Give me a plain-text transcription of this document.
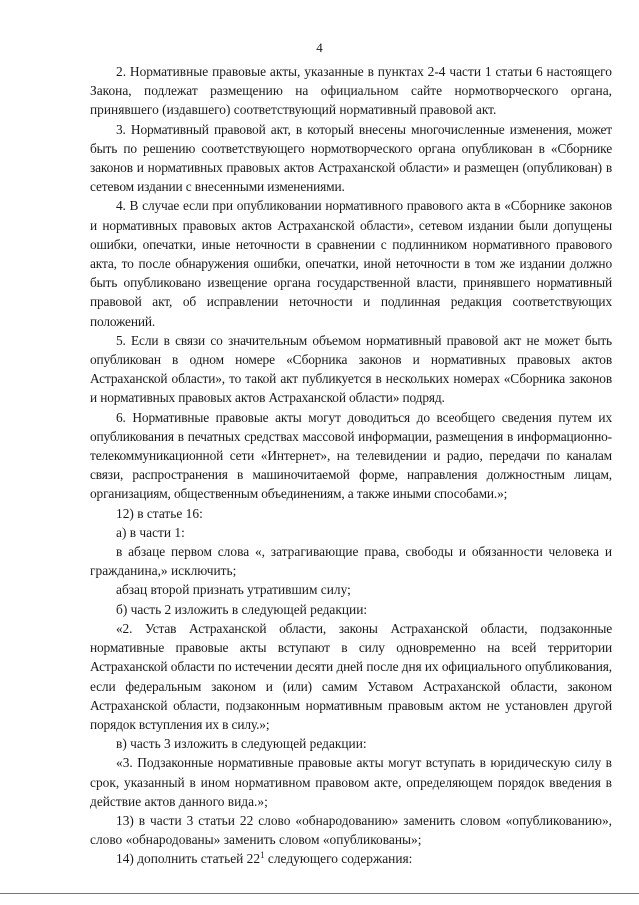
4

2. Нормативные правовые акты, указанные в пунктах 2-4 части 1 статьи 6 настоящего Закона, подлежат размещению на официальном сайте нормотворческого органа, принявшего (издавшего) соответствующий нормативный правовой акт.

3. Нормативный правовой акт, в который внесены многочисленные изменения, может быть по решению соответствующего нормотворческого органа опубликован в «Сборнике законов и нормативных правовых актов Астраханской области» и размещен (опубликован) в сетевом издании с внесенными изменениями.

4. В случае если при опубликовании нормативного правового акта в «Сборнике законов и нормативных правовых актов Астраханской области», сетевом издании были допущены ошибки, опечатки, иные неточности в сравнении с подлинником нормативного правового акта, то после обнаружения ошибки, опечатки, иной неточности в том же издании должно быть опубликовано извещение органа государственной власти, принявшего нормативный правовой акт, об исправлении неточности и подлинная редакция соответствующих положений.

5. Если в связи со значительным объемом нормативный правовой акт не может быть опубликован в одном номере «Сборника законов и нормативных правовых актов Астраханской области», то такой акт публикуется в нескольких номерах «Сборника законов и нормативных правовых актов Астраханской области» подряд.

6. Нормативные правовые акты могут доводиться до всеобщего сведения путем их опубликования в печатных средствах массовой информации, размещения в информационно-телекоммуникационной сети «Интернет», на телевидении и радио, передачи по каналам связи, распространения в машиночитаемой форме, направления должностным лицам, организациям, общественным объединениям, а также иными способами.»;

12) в статье 16:

а) в части 1:

в абзаце первом слова «, затрагивающие права, свободы и обязанности человека и гражданина,» исключить;

абзац второй признать утратившим силу;

б) часть 2 изложить в следующей редакции:

«2. Устав Астраханской области, законы Астраханской области, подзаконные нормативные правовые акты вступают в силу одновременно на всей территории Астраханской области по истечении десяти дней после дня их официального опубликования, если федеральным законом и (или) самим Уставом Астраханской области, законом Астраханской области, подзаконным нормативным правовым актом не установлен другой порядок вступления их в силу.»;

в) часть 3 изложить в следующей редакции:

«3. Подзаконные нормативные правовые акты могут вступать в юридическую силу в срок, указанный в ином нормативном правовом акте, определяющем порядок введения в действие актов данного вида.»;

13) в части 3 статьи 22 слово «обнародованию» заменить словом «опубликованию», слово «обнародованы» заменить словом «опубликованы»;

14) дополнить статьей $22^1$ следующего содержания:
